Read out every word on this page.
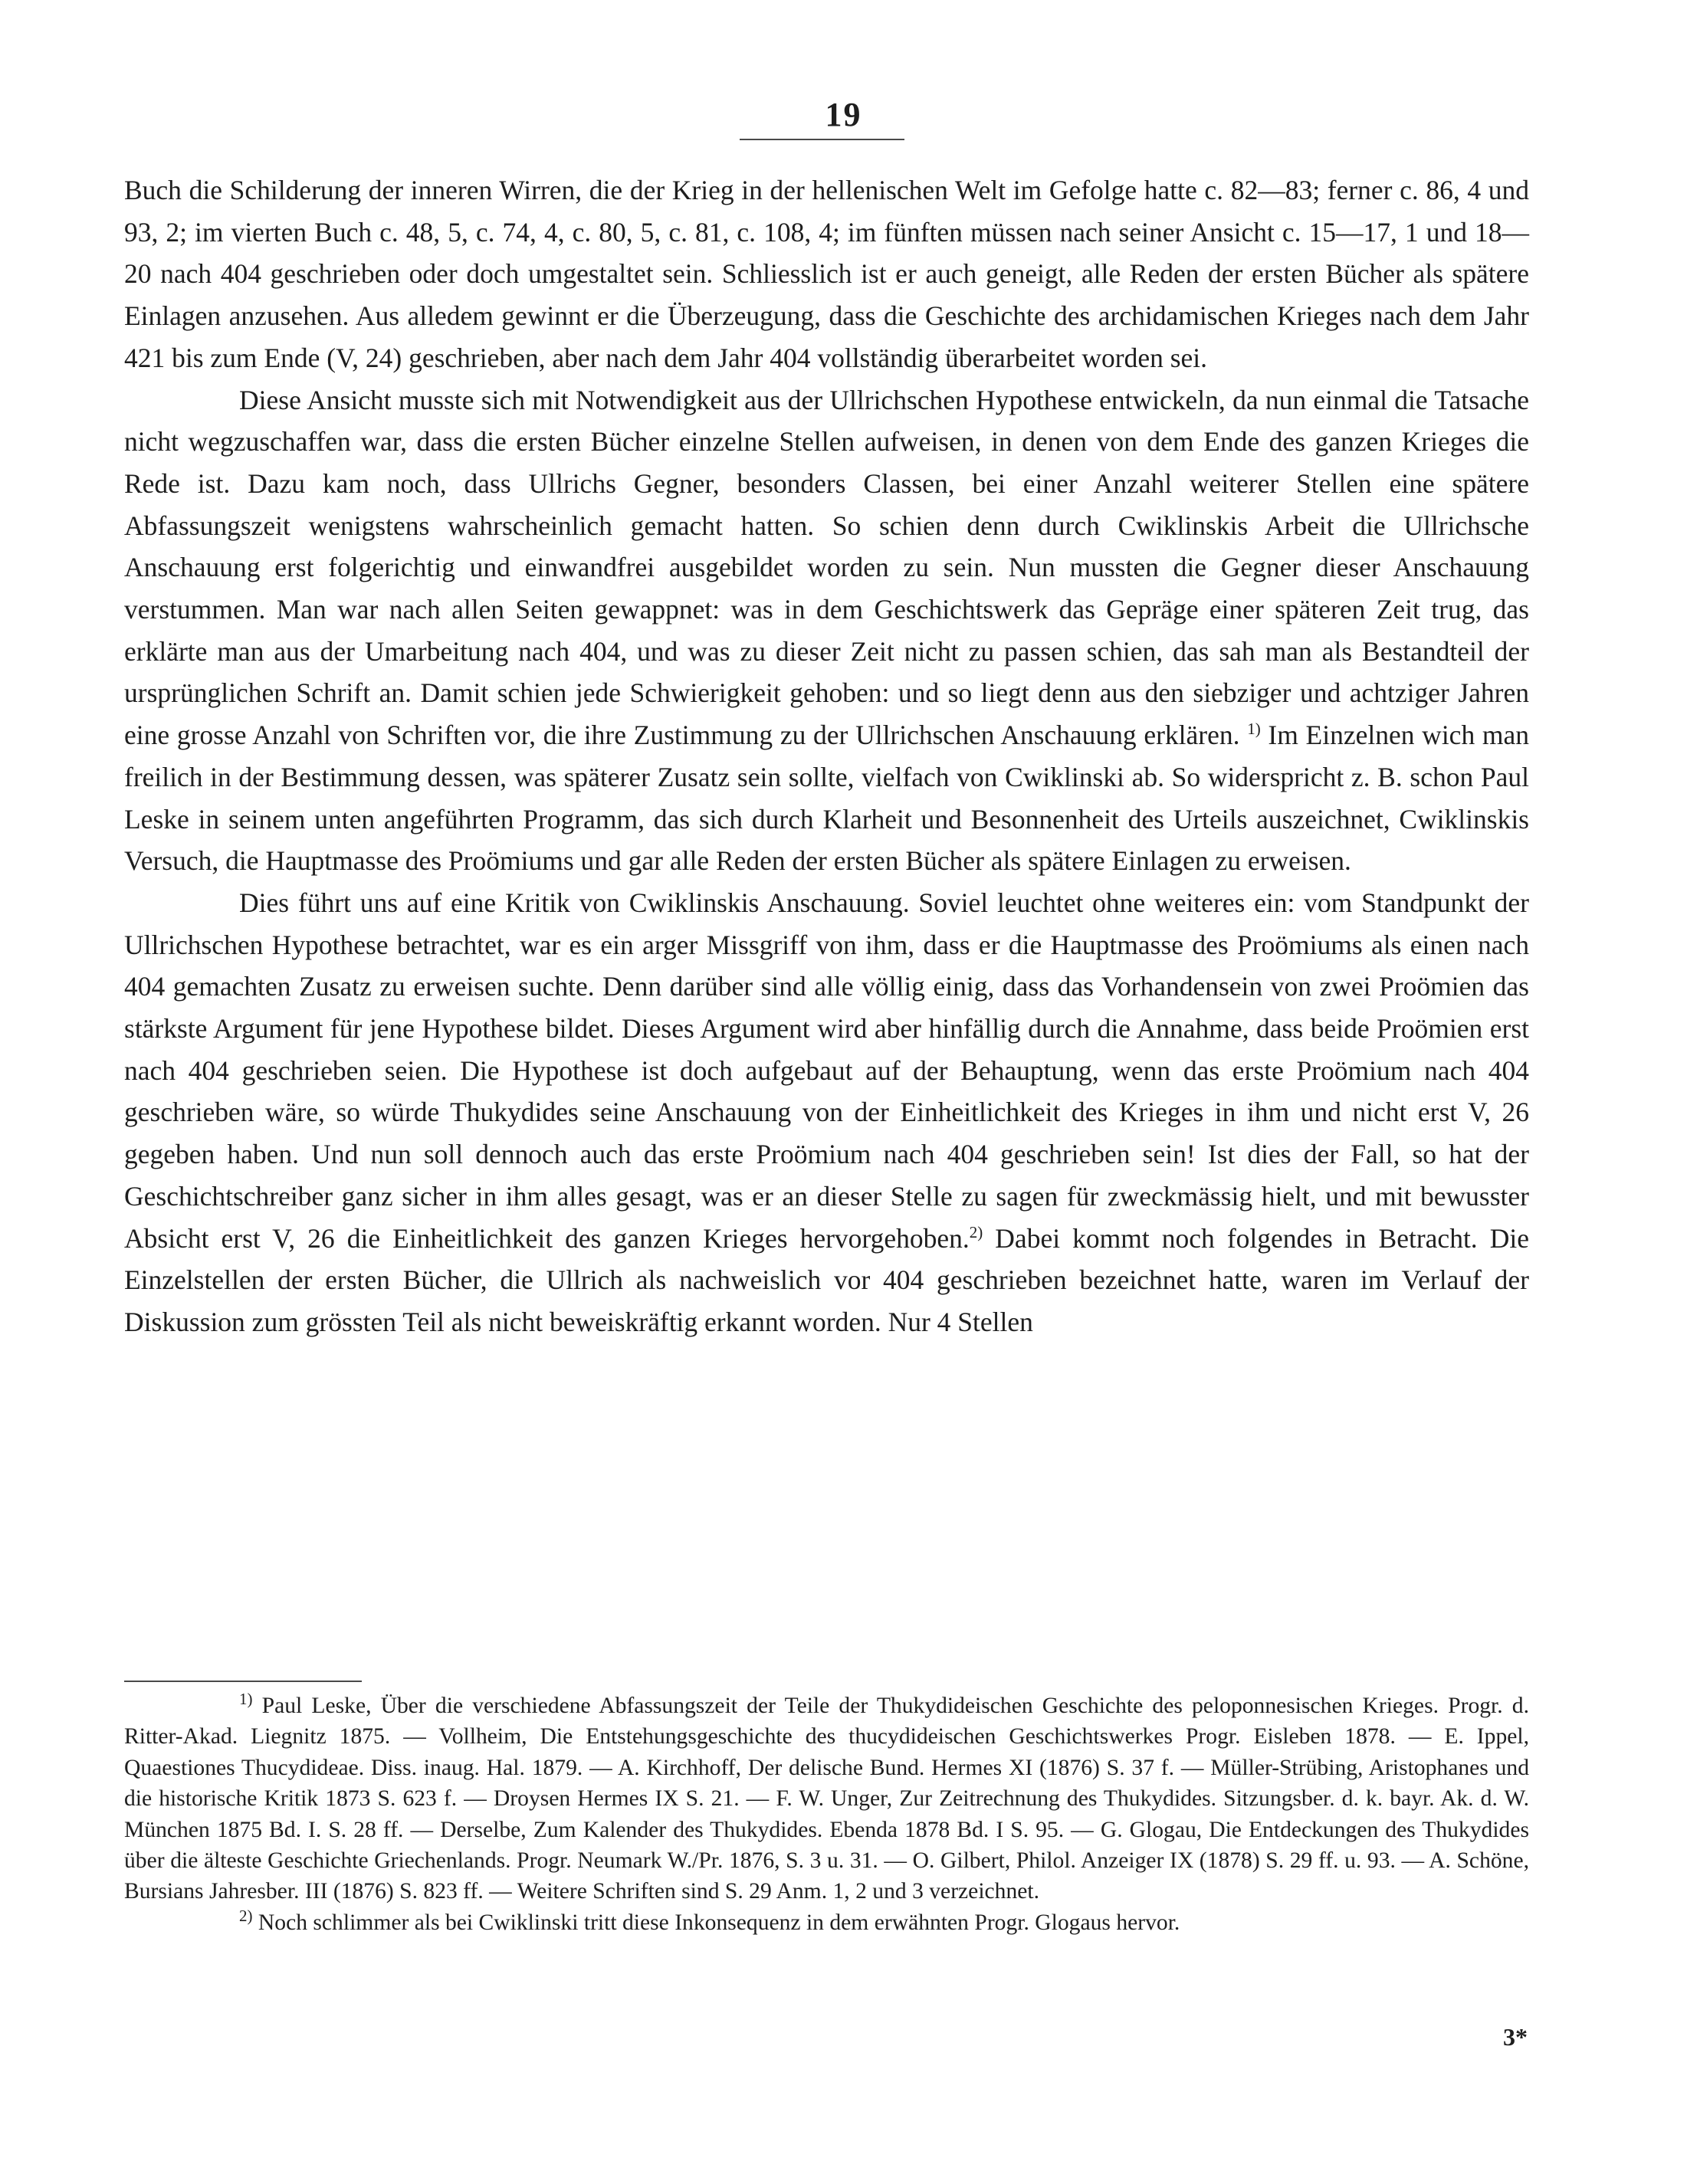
19

Buch die Schilderung der inneren Wirren, die der Krieg in der hellenischen Welt im Gefolge hatte c. 82—83; ferner c. 86, 4 und 93, 2; im vierten Buch c. 48, 5, c. 74, 4, c. 80, 5, c. 81, c. 108, 4; im fünften müssen nach seiner Ansicht c. 15—17, 1 und 18—20 nach 404 geschrieben oder doch umgestaltet sein. Schliesslich ist er auch geneigt, alle Reden der ersten Bücher als spätere Einlagen anzusehen. Aus alledem gewinnt er die Überzeugung, dass die Geschichte des archidamischen Krieges nach dem Jahr 421 bis zum Ende (V, 24) geschrieben, aber nach dem Jahr 404 vollständig überarbeitet worden sei.

Diese Ansicht musste sich mit Notwendigkeit aus der Ullrichschen Hypothese entwickeln, da nun einmal die Tatsache nicht wegzuschaffen war, dass die ersten Bücher einzelne Stellen aufweisen, in denen von dem Ende des ganzen Krieges die Rede ist. Dazu kam noch, dass Ullrichs Gegner, besonders Classen, bei einer Anzahl weiterer Stellen eine spätere Abfassungszeit wenigstens wahrscheinlich gemacht hatten. So schien denn durch Cwiklinskis Arbeit die Ullrichsche Anschauung erst folgerichtig und einwandfrei ausgebildet worden zu sein. Nun mussten die Gegner dieser Anschauung verstummen. Man war nach allen Seiten gewappnet: was in dem Geschichtswerk das Gepräge einer späteren Zeit trug, das erklärte man aus der Umarbeitung nach 404, und was zu dieser Zeit nicht zu passen schien, das sah man als Bestandteil der ursprünglichen Schrift an. Damit schien jede Schwierigkeit gehoben: und so liegt denn aus den siebziger und achtziger Jahren eine grosse Anzahl von Schriften vor, die ihre Zustimmung zu der Ullrichschen Anschauung erklären. $^{1)}$ Im Einzelnen wich man freilich in der Bestimmung dessen, was späterer Zusatz sein sollte, vielfach von Cwiklinski ab. So widerspricht z. B. schon Paul Leske in seinem unten angeführten Programm, das sich durch Klarheit und Besonnenheit des Urteils auszeichnet, Cwiklinskis Versuch, die Hauptmasse des Proömiums und gar alle Reden der ersten Bücher als spätere Einlagen zu erweisen.

Dies führt uns auf eine Kritik von Cwiklinskis Anschauung. Soviel leuchtet ohne weiteres ein: vom Standpunkt der Ullrichschen Hypothese betrachtet, war es ein arger Missgriff von ihm, dass er die Hauptmasse des Proömiums als einen nach 404 gemachten Zusatz zu erweisen suchte. Denn darüber sind alle völlig einig, dass das Vorhandensein von zwei Proömien das stärkste Argument für jene Hypothese bildet. Dieses Argument wird aber hinfällig durch die Annahme, dass beide Proömien erst nach 404 geschrieben seien. Die Hypothese ist doch aufgebaut auf der Behauptung, wenn das erste Proömium nach 404 geschrieben wäre, so würde Thukydides seine Anschauung von der Einheitlichkeit des Krieges in ihm und nicht erst V, 26 gegeben haben. Und nun soll dennoch auch das erste Proömium nach 404 geschrieben sein! Ist dies der Fall, so hat der Geschichtschreiber ganz sicher in ihm alles gesagt, was er an dieser Stelle zu sagen für zweckmässig hielt, und mit bewusster Absicht erst V, 26 die Einheitlichkeit des ganzen Krieges hervorgehoben.$^{2)}$ Dabei kommt noch folgendes in Betracht. Die Einzelstellen der ersten Bücher, die Ullrich als nachweislich vor 404 geschrieben bezeichnet hatte, waren im Verlauf der Diskussion zum grössten Teil als nicht beweiskräftig erkannt worden. Nur 4 Stellen

$^{1)}$ Paul Leske, Über die verschiedene Abfassungszeit der Teile der Thukydideischen Geschichte des peloponnesischen Krieges. Progr. d. Ritter-Akad. Liegnitz 1875. — Vollheim, Die Entstehungsgeschichte des thucydideischen Geschichtswerkes Progr. Eisleben 1878. — E. Ippel, Quaestiones Thucydideae. Diss. inaug. Hal. 1879. — A. Kirchhoff, Der delische Bund. Hermes XI (1876) S. 37 f. — Müller-Strübing, Aristophanes und die historische Kritik 1873 S. 623 f. — Droysen Hermes IX S. 21. — F. W. Unger, Zur Zeitrechnung des Thukydides. Sitzungsber. d. k. bayr. Ak. d. W. München 1875 Bd. I. S. 28 ff. — Derselbe, Zum Kalender des Thukydides. Ebenda 1878 Bd. I S. 95. — G. Glogau, Die Entdeckungen des Thukydides über die älteste Geschichte Griechenlands. Progr. Neumark W./Pr. 1876, S. 3 u. 31. — O. Gilbert, Philol. Anzeiger IX (1878) S. 29 ff. u. 93. — A. Schöne, Bursians Jahresber. III (1876) S. 823 ff. — Weitere Schriften sind S. 29 Anm. 1, 2 und 3 verzeichnet.

$^{2)}$ Noch schlimmer als bei Cwiklinski tritt diese Inkonsequenz in dem erwähnten Progr. Glogaus hervor.

3*
